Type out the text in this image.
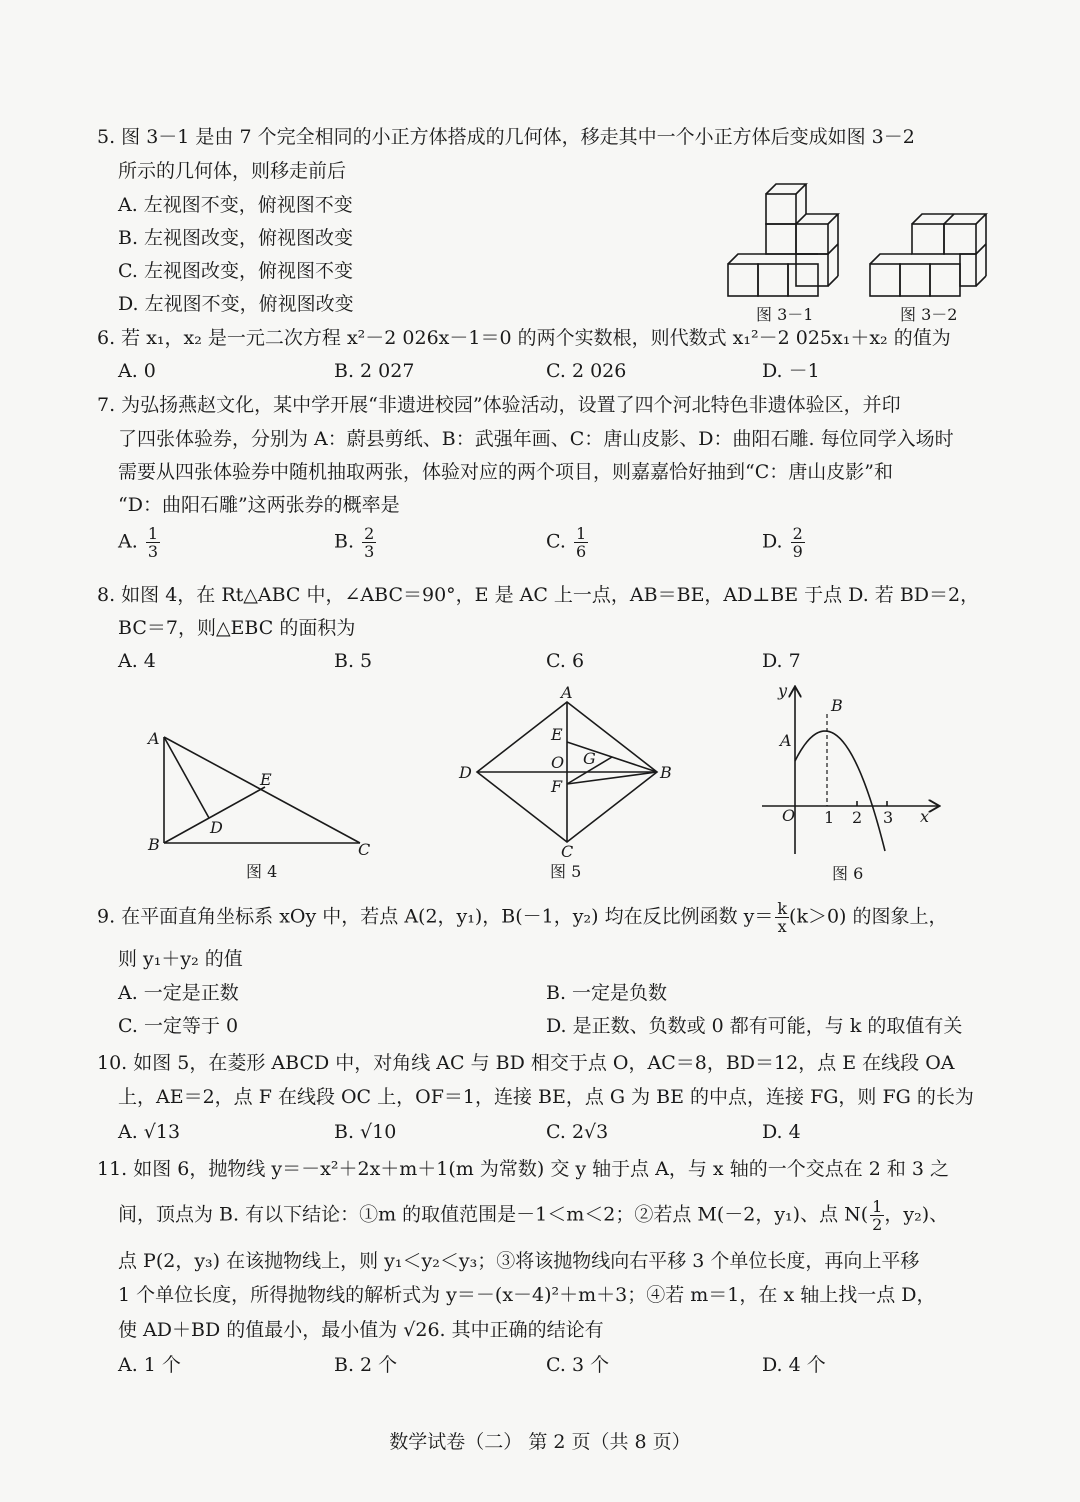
5. 图 3－1 是由 7 个完全相同的小正方体搭成的几何体，移走其中一个小正方体后变成如图 3－2
所示的几何体，则移走前后
A. 左视图不变，俯视图不变
B. 左视图改变，俯视图改变
C. 左视图改变，俯视图不变
D. 左视图不变，俯视图改变	图 3－1	图 3－2
6. 若 x₁，x₂ 是一元二次方程 x²－2 026x－1＝0 的两个实数根，则代数式 x₁²－2 025x₁＋x₂ 的值为
A. 0	B. 2 027	C. 2 026	D. －1
7. 为弘扬燕赵文化，某中学开展“非遗进校园”体验活动，设置了四个河北特色非遗体验区，并印
了四张体验券，分别为 A：蔚县剪纸、B：武强年画、C：唐山皮影、D：曲阳石雕. 每位同学入场时
需要从四张体验券中随机抽取两张，体验对应的两个项目，则嘉嘉恰好抽到“C：唐山皮影”和
“D：曲阳石雕”这两张券的概率是
A. $\frac{1}{3}$	B. $\frac{2}{3}$	C. $\frac{1}{6}$	D. $\frac{2}{9}$
8. 如图 4，在 Rt△ABC 中，∠ABC＝90°，E 是 AC 上一点，AB＝BE，AD⊥BE 于点 D. 若 BD＝2，
BC＝7，则△EBC 的面积为
A. 4	B. 5	C. 6	D. 7
A
B	C
D
E
图 4
A
B
C
D
E
F
G
O
图 5
y
x
O
A
B
1 2 3
图 6
9. 在平面直角坐标系 xOy 中，若点 A(2，y₁)，B(－1，y₂) 均在反比例函数 $y= \frac{k}{x} (k>0)$ 的图象上，
则 y₁＋y₂ 的值
A. 一定是正数	B. 一定是负数
C. 一定等于 0	D. 是正数、负数或 0 都有可能，与 k 的取值有关
10. 如图 5，在菱形 ABCD 中，对角线 AC 与 BD 相交于点 O，AC＝8，BD＝12，点 E 在线段 OA
上，AE＝2，点 F 在线段 OC 上，OF＝1，连接 BE，点 G 为 BE 的中点，连接 FG，则 FG 的长为
A. √13	B. √10	C. 2√3	D. 4
11. 如图 6，抛物线 y＝－x²＋2x＋m＋1(m 为常数) 交 y 轴于点 A，与 x 轴的一个交点在 2 和 3 之
间，顶点为 B. 有以下结论：①m 的取值范围是－1＜m＜2；②若点 M(－2，y₁)、点 $N( \frac{1}{2}$ ，y₂)、
点 P(2，y₃) 在该抛物线上，则 y₁＜y₂＜y₃；③将该抛物线向右平移 3 个单位长度，再向上平移
1 个单位长度，所得抛物线的解析式为 y＝－(x－4)²＋m＋3；④若 m＝1，在 x 轴上找一点 D，
使 AD＋BD 的值最小，最小值为 √26. 其中正确的结论有
A. 1 个	B. 2 个	C. 3 个	D. 4 个
数学试卷（二） 第 2 页（共 8 页）
